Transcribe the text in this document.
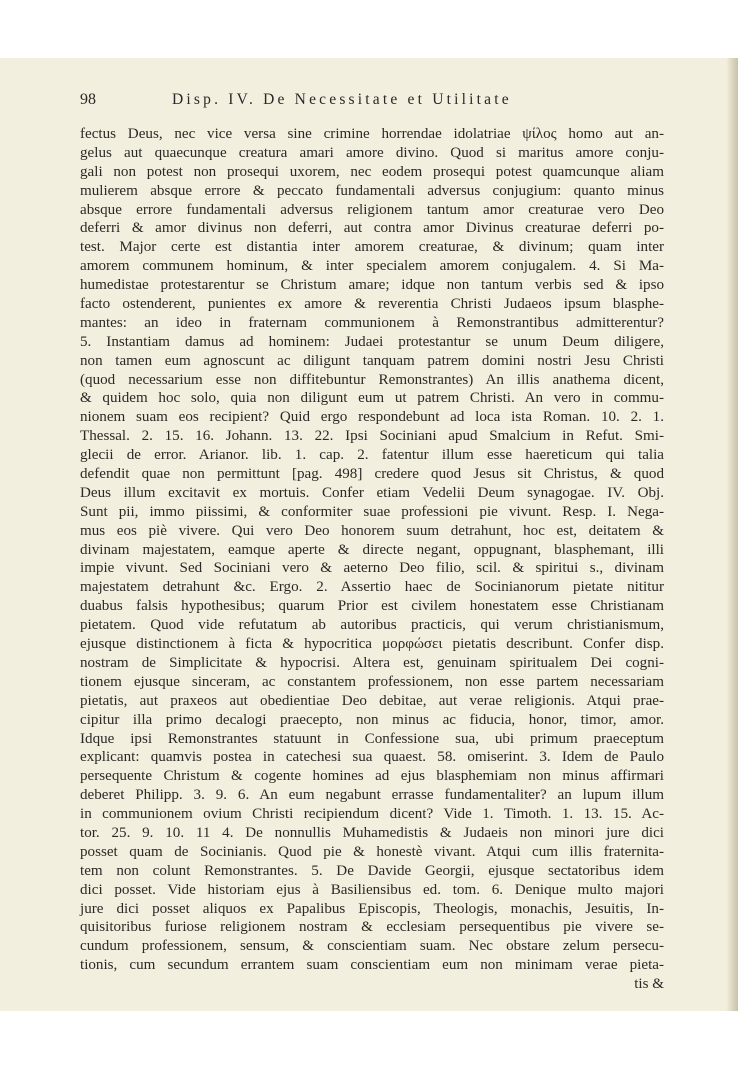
98	Disp. IV. De Necessitate et Utilitate
fectus Deus, nec vice versa sine crimine horrendae idolatriae ψίλος homo aut an-
gelus aut quaecunque creatura amari amore divino. Quod si maritus amore conju-
gali non potest non prosequi uxorem, nec eodem prosequi potest quamcunque aliam
mulierem absque errore & peccato fundamentali adversus conjugium: quanto minus
absque errore fundamentali adversus religionem tantum amor creaturae vero Deo
deferri & amor divinus non deferri, aut contra amor Divinus creaturae deferri po-
test. Major certe est distantia inter amorem creaturae, & divinum; quam inter
amorem communem hominum, & inter specialem amorem conjugalem. 4. Si Ma-
humedistae protestarentur se Christum amare; idque non tantum verbis sed & ipso
facto ostenderent, punientes ex amore & reverentia Christi Judaeos ipsum blasphe-
mantes: an ideo in fraternam communionem à Remonstrantibus admitterentur?
5. Instantiam damus ad hominem: Judaei protestantur se unum Deum diligere,
non tamen eum agnoscunt ac diligunt tanquam patrem domini nostri Jesu Christi
(quod necessarium esse non diffitebuntur Remonstrantes) An illis anathema dicent,
& quidem hoc solo, quia non diligunt eum ut patrem Christi. An vero in commu-
nionem suam eos recipient? Quid ergo respondebunt ad loca ista Roman. 10. 2. 1.
Thessal. 2. 15. 16. Johann. 13. 22. Ipsi Sociniani apud Smalcium in Refut. Smi-
glecii de error. Arianor. lib. 1. cap. 2. fatentur illum esse haereticum qui talia
defendit quae non permittunt [pag. 498] credere quod Jesus sit Christus, & quod
Deus illum excitavit ex mortuis. Confer etiam Vedelii Deum synagogae. IV. Obj.
Sunt pii, immo piissimi, & conformiter suae professioni pie vivunt. Resp. I. Nega-
mus eos piè vivere. Qui vero Deo honorem suum detrahunt, hoc est, deitatem &
divinam majestatem, eamque aperte & directe negant, oppugnant, blasphemant, illi
impie vivunt. Sed Sociniani vero & aeterno Deo filio, scil. & spiritui s., divinam
majestatem detrahunt &c. Ergo. 2. Assertio haec de Socinianorum pietate nititur
duabus falsis hypothesibus; quarum Prior est civilem honestatem esse Christianam
pietatem. Quod vide refutatum ab autoribus practicis, qui verum christianismum,
ejusque distinctionem à ficta & hypocritica μορφώσει pietatis describunt. Confer disp.
nostram de Simplicitate & hypocrisi. Altera est, genuinam spiritualem Dei cogni-
tionem ejusque sinceram, ac constantem professionem, non esse partem necessariam
pietatis, aut praxeos aut obedientiae Deo debitae, aut verae religionis. Atqui prae-
cipitur illa primo decalogi praecepto, non minus ac fiducia, honor, timor, amor.
Idque ipsi Remonstrantes statuunt in Confessione sua, ubi primum praeceptum
explicant: quamvis postea in catechesi sua quaest. 58. omiserint. 3. Idem de Paulo
persequente Christum & cogente homines ad ejus blasphemiam non minus affirmari
deberet Philipp. 3. 9. 6. An eum negabunt errasse fundamentaliter? an lupum illum
in communionem ovium Christi recipiendum dicent? Vide 1. Timoth. 1. 13. 15. Ac-
tor. 25. 9. 10. 11 4. De nonnullis Muhamedistis & Judaeis non minori jure dici
posset quam de Socinianis. Quod pie & honestè vivant. Atqui cum illis fraternita-
tem non colunt Remonstrantes. 5. De Davide Georgii, ejusque sectatoribus idem
dici posset. Vide historiam ejus à Basiliensibus ed. tom. 6. Denique multo majori
jure dici posset aliquos ex Papalibus Episcopis, Theologis, monachis, Jesuitis, In-
quisitoribus furiose religionem nostram & ecclesiam persequentibus pie vivere se-
cundum professionem, sensum, & conscientiam suam. Nec obstare zelum persecu-
tionis, cum secundum errantem suam conscientiam eum non minimam verae pieta-
tis &
